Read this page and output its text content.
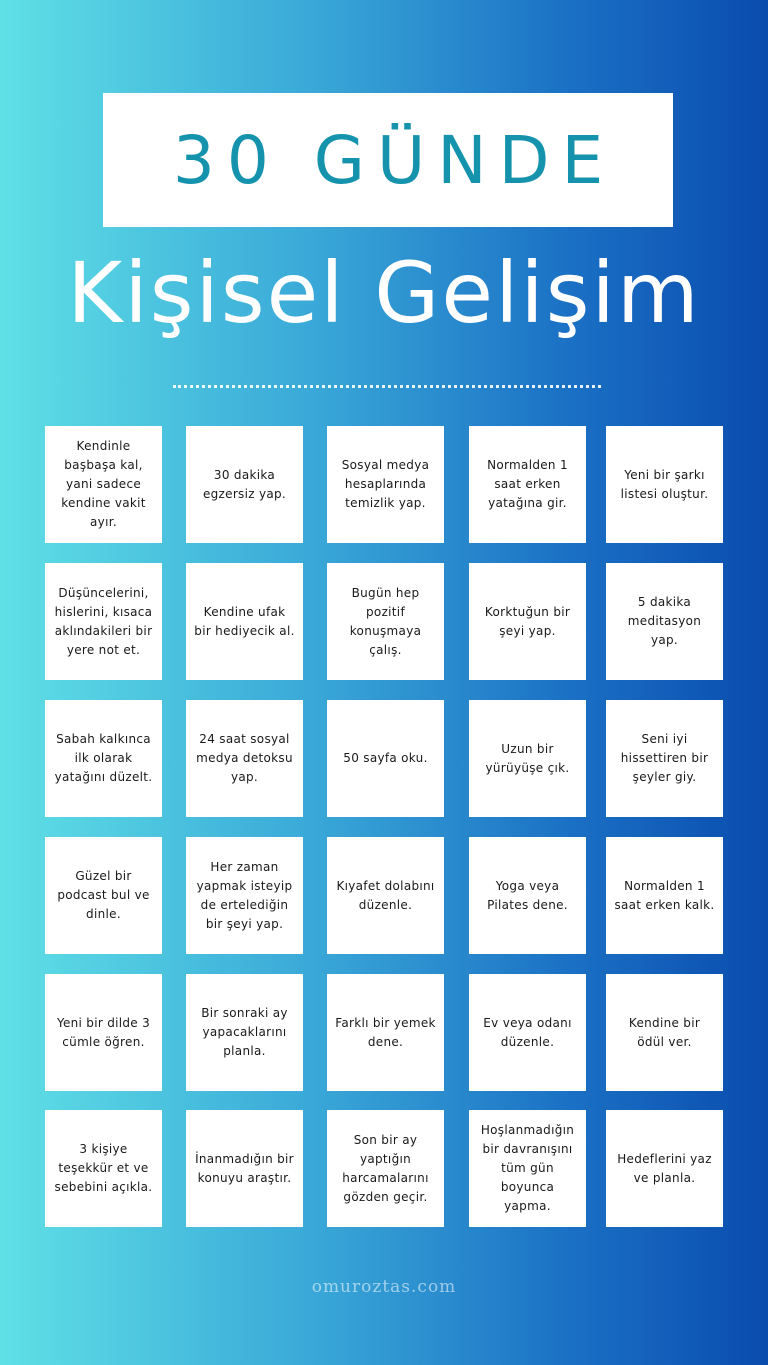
30 GÜNDE
Kişisel Gelişim
Kendinle başbaşa kal, yani sadece kendine vakit ayır.
30 dakika egzersiz yap.
Sosyal medya hesaplarında temizlik yap.
Normalden 1 saat erken yatağına gir.
Yeni bir şarkı listesi oluştur.
Düşüncelerini, hislerini, kısaca aklındakileri bir yere not et.
Kendine ufak bir hediyecik al.
Bugün hep pozitif konuşmaya çalış.
Korktuğun bir şeyi yap.
5 dakika meditasyon yap.
Sabah kalkınca ilk olarak yatağını düzelt.
24 saat sosyal medya detoksu yap.
50 sayfa oku.
Uzun bir yürüyüşe çık.
Seni iyi hissettiren bir şeyler giy.
Güzel bir podcast bul ve dinle.
Her zaman yapmak isteyip de ertelediğin bir şeyi yap.
Kıyafet dolabını düzenle.
Yoga veya Pilates dene.
Normalden 1 saat erken kalk.
Yeni bir dilde 3 cümle öğren.
Bir sonraki ay yapacaklarını planla.
Farklı bir yemek dene.
Ev veya odanı düzenle.
Kendine bir ödül ver.
3 kişiye teşekkür et ve sebebini açıkla.
İnanmadığın bir konuyu araştır.
Son bir ay yaptığın harcamalarını gözden geçir.
Hoşlanmadığın bir davranışını tüm gün boyunca yapma.
Hedeflerini yaz ve planla.
omuroztas.com
